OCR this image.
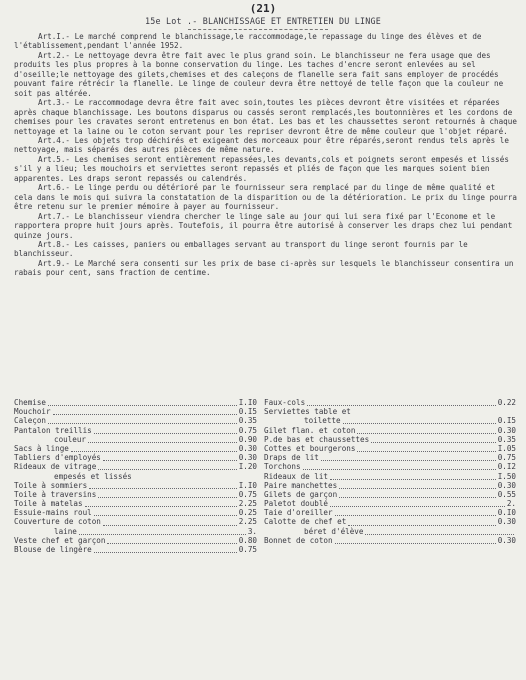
(21)
15e Lot .- BLANCHISSAGE ET ENTRETIEN DU LINGE

Art.I.- Le marché comprend le blanchissage,le raccommodage,le repassage du linge des élèves et de l'établissement,pendant l'année 1952.

Art.2.- Le nettoyage devra être fait avec le plus grand soin. Le blanchisseur ne fera usage que des produits les plus propres à la bonne conservation du linge. Les taches d'encre seront enlevées au sel d'oseille;le nettoyage des gilets,chemises et des caleçons de flanelle sera fait sans employer de procédés pouvant faire rétrécir la flanelle. Le linge de couleur devra être nettoyé de telle façon que la couleur ne soit pas altérée.

Art.3.- Le raccommodage devra être fait avec soin,toutes les pièces devront être visitées et réparées après chaque blanchissage. Les boutons disparus ou cassés seront remplacés,les boutonnières et les cordons de chemises pour les cravates seront entretenus en bon état. Les bas et les chaussettes seront retournés à chaque nettoyage et la laine ou le coton servant pour les repriser devront être de même couleur que l'objet réparé.

Art.4.- Les objets trop déchirés et exigeant des morceaux pour être réparés,seront rendus tels après le nettoyage, mais séparés des autres pièces de même nature.

Art.5.- Les chemises seront entièrement repassées,les devants,cols et poignets seront empesés et lissés s'il y a lieu; les mouchoirs et serviettes seront repassés et pliés de façon que les marques soient bien apparentes. Les draps seront repassés ou calendrés.

Art.6.- Le linge perdu ou détérioré par le fournisseur sera remplacé par du linge de même qualité et cela dans le mois qui suivra la constatation de la disparition ou de la détérioration. Le prix du linge pourra être retenu sur le premier mémoire à payer au fournisseur.

Art.7.- Le blanchisseur viendra chercher le linge sale au jour qui lui sera fixé par l'Econome et le rapportera propre huit jours après. Toutefois, il pourra être autorisé à conserver les draps chez lui pendant quinze jours.

Art.8.- Les caisses, paniers ou emballages servant au transport du linge seront fournis par le blanchisseur.

Art.9.- Le Marché sera consenti sur les prix de base ci-après sur lesquels le blanchisseur consentira un rabais pour cent, sans fraction de centime.

Chemise	I.I0
Mouchoir	0.I5
Caleçon	0.35
Pantalon treillis	0.75
couleur	0.90
Sacs à linge	0.30
Tabliers d'employés	0.30
Rideaux de vitrage	I.20
empesés et lissés
Toile à sommiers	I.I0
Toile à traversins	0.75
Toile à matelas	2.25
Essuie-mains roul	0.25
Couverture de coton	2.25
laine	3.
Veste chef et garçon	0.80
Blouse de lingère	0.75
Faux-cols	0.22
Serviettes table et
toilette	0.I5
Gilet flan. et coton	0.30
P.de bas et chaussettes	0.35
Cottes et bourgerons	I.05
Draps de lit	0.75
Torchons	0.I2
Rideaux de lit	I.50
Paire manchettes	0.30
Gilets de garçon	0.55
Paletot doublé	2.
Taie d'oreiller	0.I0
Calotte de chef et	0.30
béret d'élève
Bonnet de coton	0.30
